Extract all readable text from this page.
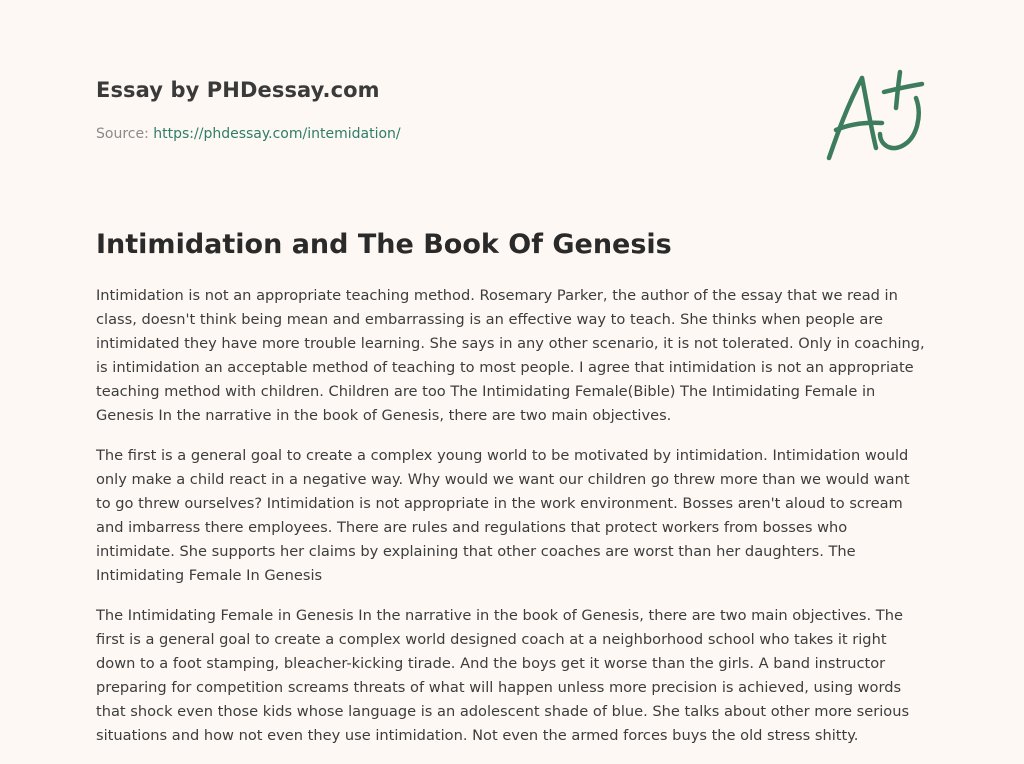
Essay by PHDessay.com
Source: https://phdessay.com/intemidation/
Intimidation and The Book Of Genesis

Intimidation is not an appropriate teaching method. Rosemary Parker, the author of the essay that we read in class, doesn't think being mean and embarrassing is an effective way to teach. She thinks when people are intimidated they have more trouble learning. She says in any other scenario, it is not tolerated. Only in coaching, is intimidation an acceptable method of teaching to most people. I agree that intimidation is not an appropriate teaching method with children. Children are too The Intimidating Female(Bible) The Intimidating Female in Genesis In the narrative in the book of Genesis, there are two main objectives.

The first is a general goal to create a complex young world to be motivated by intimidation. Intimidation would only make a child react in a negative way. Why would we want our children go threw more than we would want to go threw ourselves? Intimidation is not appropriate in the work environment. Bosses aren't aloud to scream and imbarress there employees. There are rules and regulations that protect workers from bosses who intimidate. She supports her claims by explaining that other coaches are worst than her daughters. The Intimidating Female In Genesis

The Intimidating Female in Genesis In the narrative in the book of Genesis, there are two main objectives. The first is a general goal to create a complex world designed coach at a neighborhood school who takes it right down to a foot stamping, bleacher-kicking tirade. And the boys get it worse than the girls. A band instructor preparing for competition screams threats of what will happen unless more precision is achieved, using words that shock even those kids whose language is an adolescent shade of blue. She talks about other more serious situations and how not even they use intimidation. Not even the armed forces buys the old stress shitty.
